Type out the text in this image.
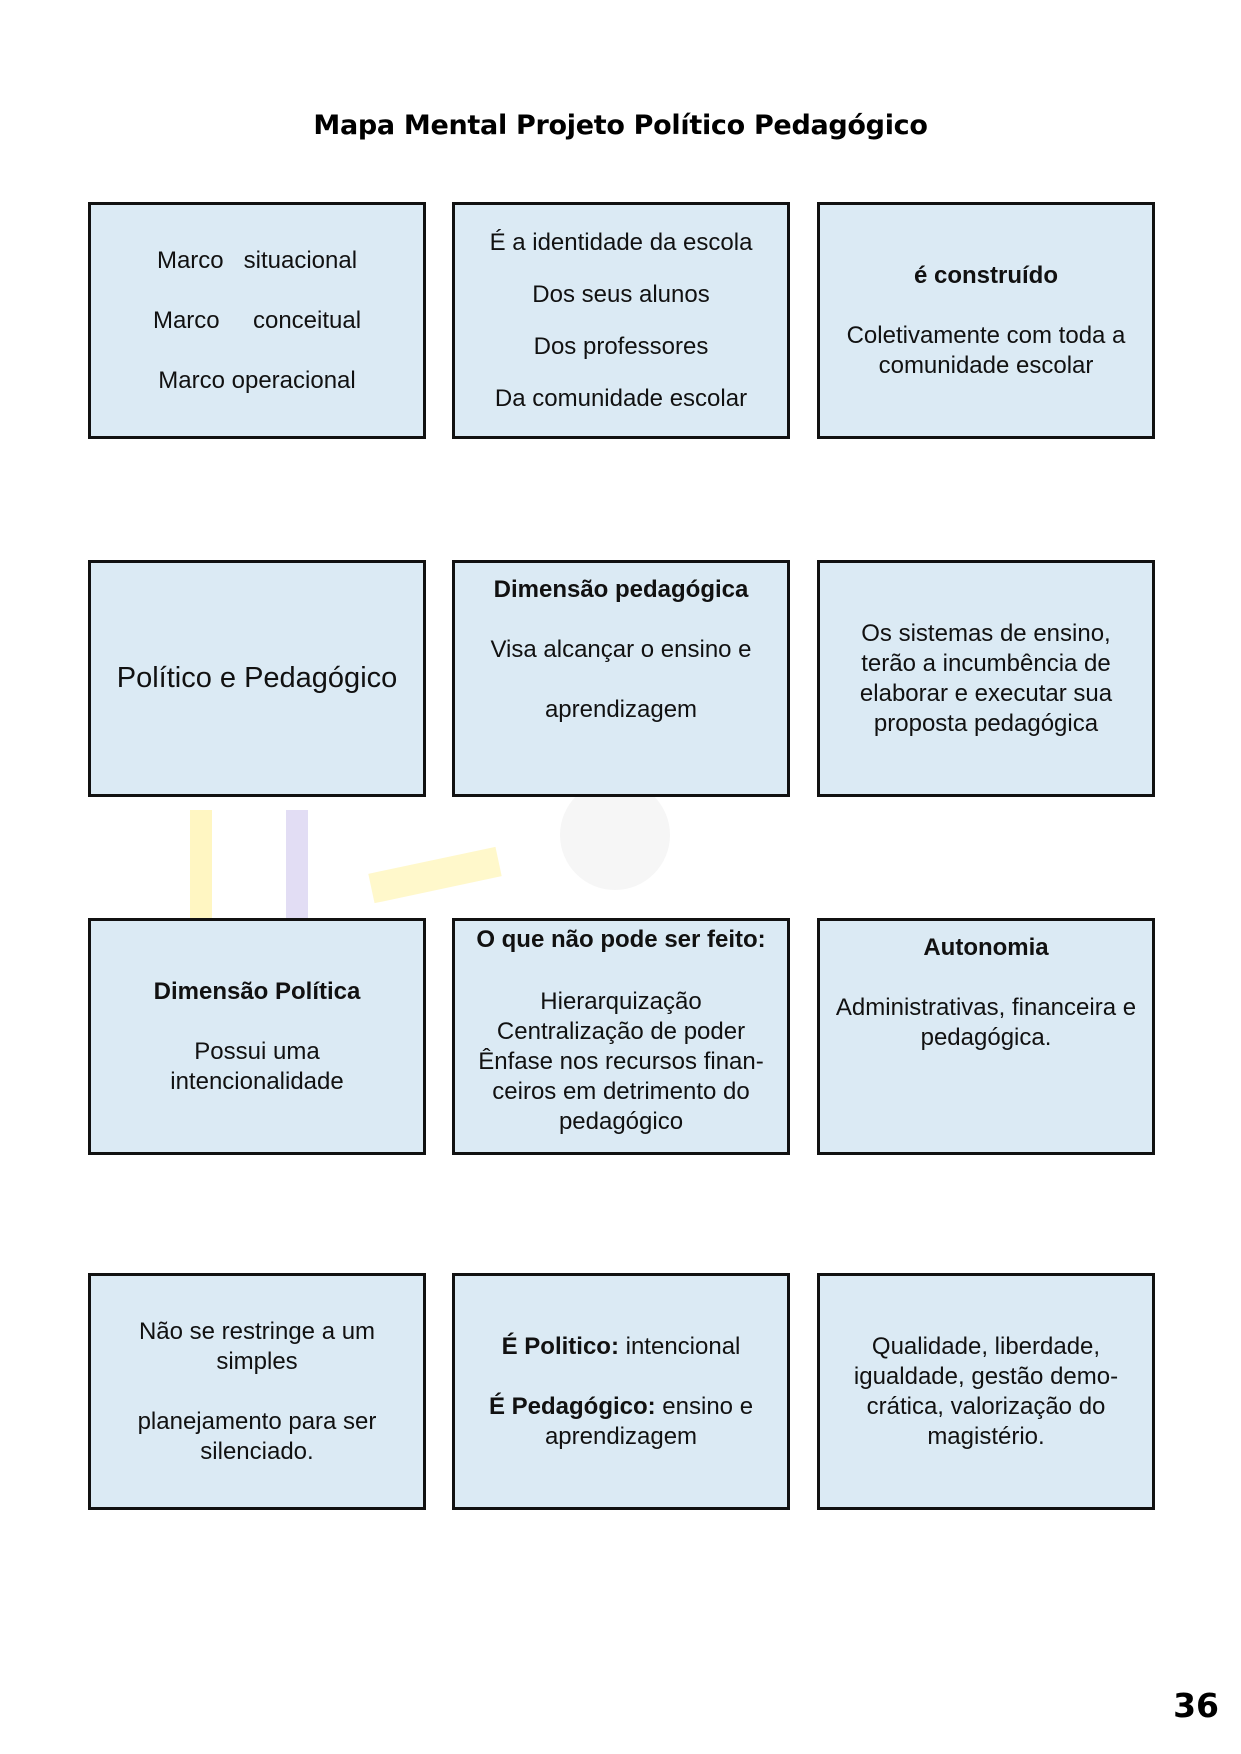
Mapa Mental Projeto Político Pedagógico

Marco   situacional

Marco     conceitual

Marco operacional

É a identidade da escola

Dos seus alunos

Dos professores

Da comunidade escolar

é construído

Coletivamente com toda a comunidade escolar

Político e Pedagógico

Dimensão pedagógica

Visa alcançar o ensino e

aprendizagem

Os sistemas de ensino, terão a incumbência de elaborar e executar sua proposta pedagógica

Dimensão Política

Possui uma intencionalidade

O que não pode ser feito:

Hierarquização

Centralização de poder

Ênfase nos recursos finan-ceiros em detrimento do pedagógico

Autonomia

Administrativas, financeira e pedagógica.

Não se restringe a um simples

planejamento para ser silenciado.

É Politico: intencional

É Pedagógico: ensino e aprendizagem

Qualidade, liberdade, igualdade, gestão demo-crática, valorização do magistério.

36
